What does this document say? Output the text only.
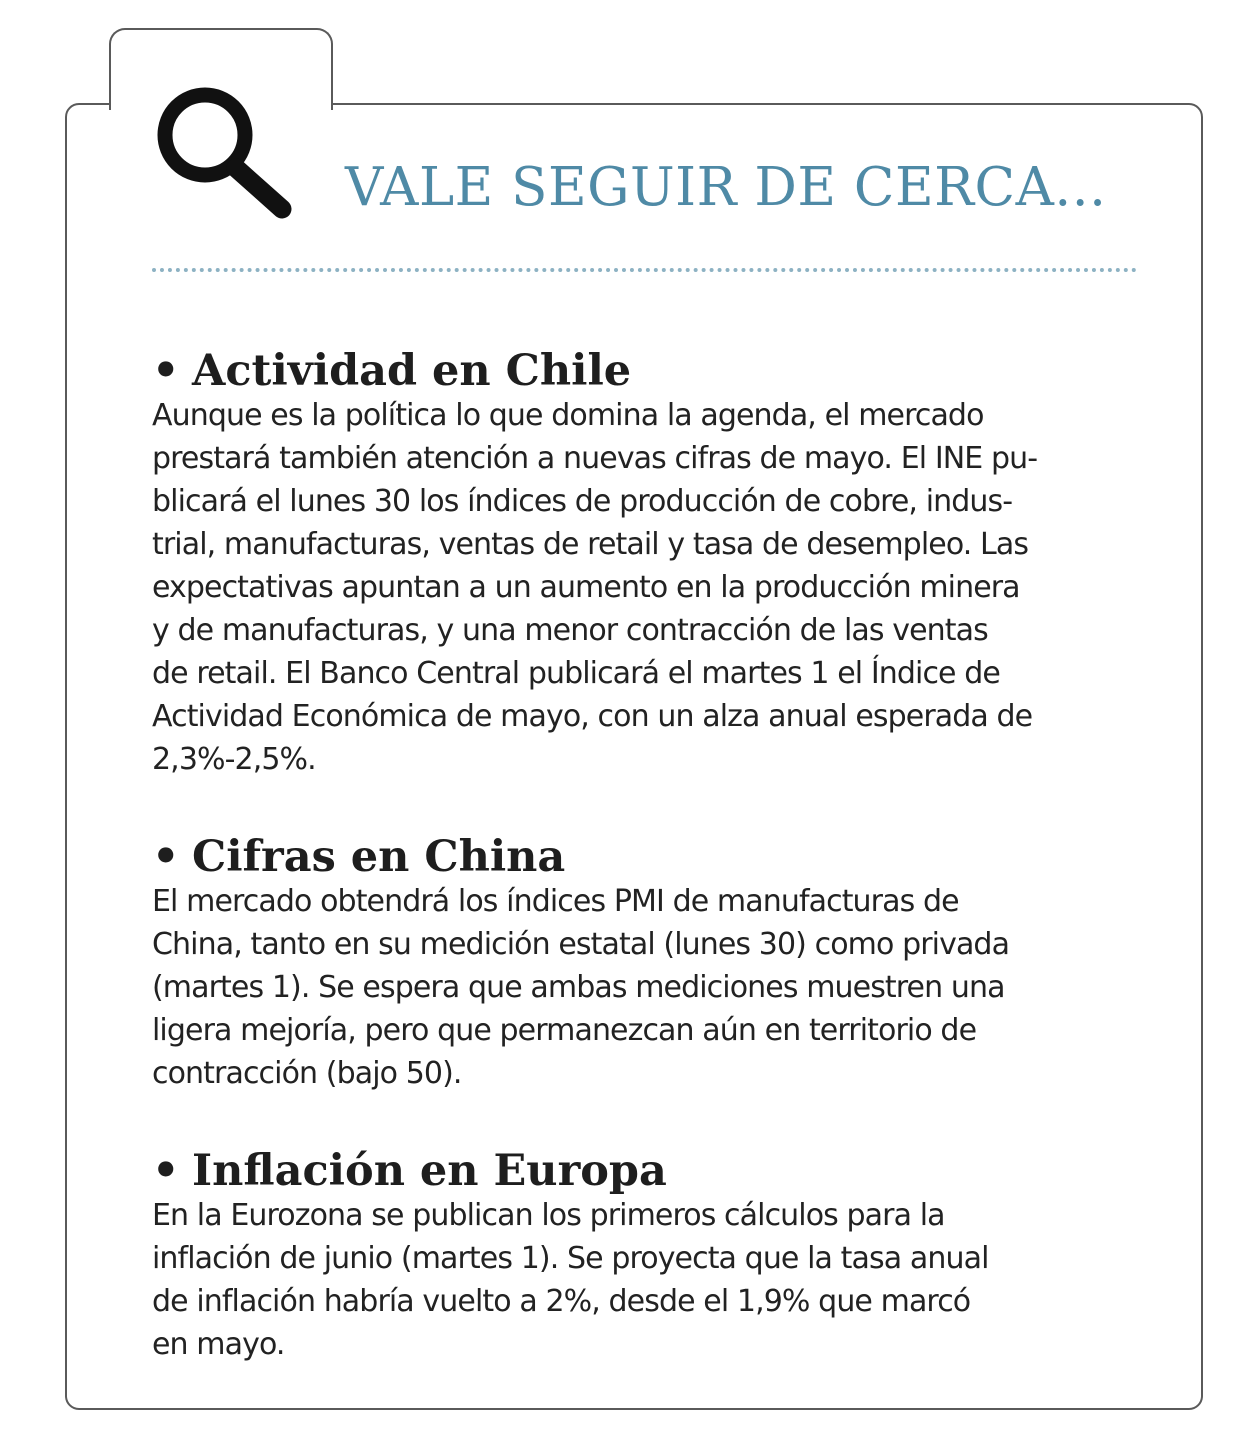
VALE SEGUIR DE CERCA...
• Actividad en Chile
Aunque es la política lo que domina la agenda, el mercado
prestará también atención a nuevas cifras de mayo. El INE pu-
blicará el lunes 30 los índices de producción de cobre, indus-
trial, manufacturas, ventas de retail y tasa de desempleo. Las
expectativas apuntan a un aumento en la producción minera
y de manufacturas, y una menor contracción de las ventas
de retail. El Banco Central publicará el martes 1 el Índice de
Actividad Económica de mayo, con un alza anual esperada de
2,3%-2,5%.
• Cifras en China
El mercado obtendrá los índices PMI de manufacturas de
China, tanto en su medición estatal (lunes 30) como privada
(martes 1). Se espera que ambas mediciones muestren una
ligera mejoría, pero que permanezcan aún en territorio de
contracción (bajo 50).
• Inflación en Europa
En la Eurozona se publican los primeros cálculos para la
inflación de junio (martes 1). Se proyecta que la tasa anual
de inflación habría vuelto a 2%, desde el 1,9% que marcó
en mayo.
